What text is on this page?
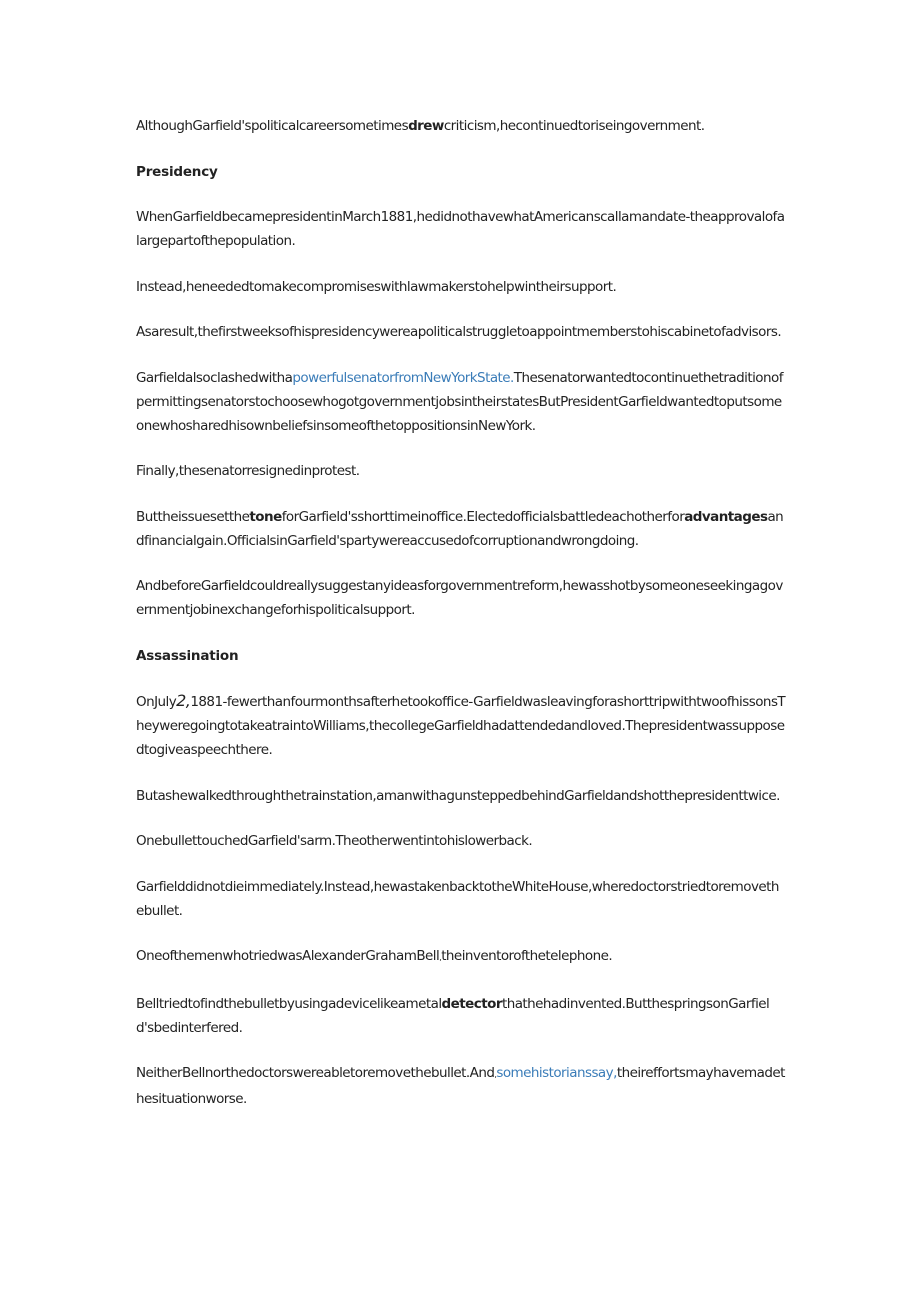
AlthoughGarfield'spoliticalcareersometimesdrewcriticism,hecontinuedtoriseingovernment.

Presidency

WhenGarfieldbecamepresidentinMarch1881,hedidnothavewhatAmericanscallamandate-theapprovalofalargepartofthepopulation.

Instead,heneededtomakecompromiseswithlawmakerstohelpwintheirsupport.

Asaresult,thefirstweeksofhispresidencywereapoliticalstruggletoappointmemberstohiscabinetofadvisors.

GarfieldalsoclashedwithapowerfulsenatorfromNewYorkState.ThesenatorwantedtocontinuethetraditionofpermittingsenatorstochoosewhogotgovernmentjobsintheirstatesButPresidentGarfieldwantedtoputsomeonewhosharedhisownbeliefsinsomeofthetoppositionsinNewYork.

Finally,thesenatorresignedinprotest.

ButtheissuesetthetoneforGarfield'sshorttimeinoffice.Electedofficialsbattledeachotherforadvantagesandfinancialgain.OfficialsinGarfield'spartywereaccusedofcorruptionandwrongdoing.

AndbeforeGarfieldcouldreallysuggestanyideasforgovernmentreform,hewasshotbysomeoneseekingagovernmentjobinexchangeforhispoliticalsupport.

Assassination

OnJuly2,1881-fewerthanfourmonthsafterhetookoffice-GarfieldwasleavingforashorttripwithtwoofhissonsTheyweregoingtotakeatraintoWilliams,thecollegeGarfieldhadattendedandloved.Thepresidentwassupposedtogiveaspeechthere.

Butashewalkedthroughthetrainstation,amanwithagunsteppedbehindGarfieldandshotthepresidenttwice.

OnebullettouchedGarfield'sarm.Theotherwentintohislowerback.

Garfielddidnotdieimmediately.Instead,hewastakenbacktotheWhiteHouse,wheredoctorstriedtoremovethebullet.

OneofthemenwhotriedwasAlexanderGrahamBell,theinventorofthetelephone.

Belltriedtofindthebulletbyusingadevicelikeametaldetectorthathehadinvented.ButthespringsonGarfield'sbedinterfered.

NeitherBellnorthedoctorswereabletoremovethebullet.And,somehistorianssay,theireffortsmayhavemadethesituationworse.
